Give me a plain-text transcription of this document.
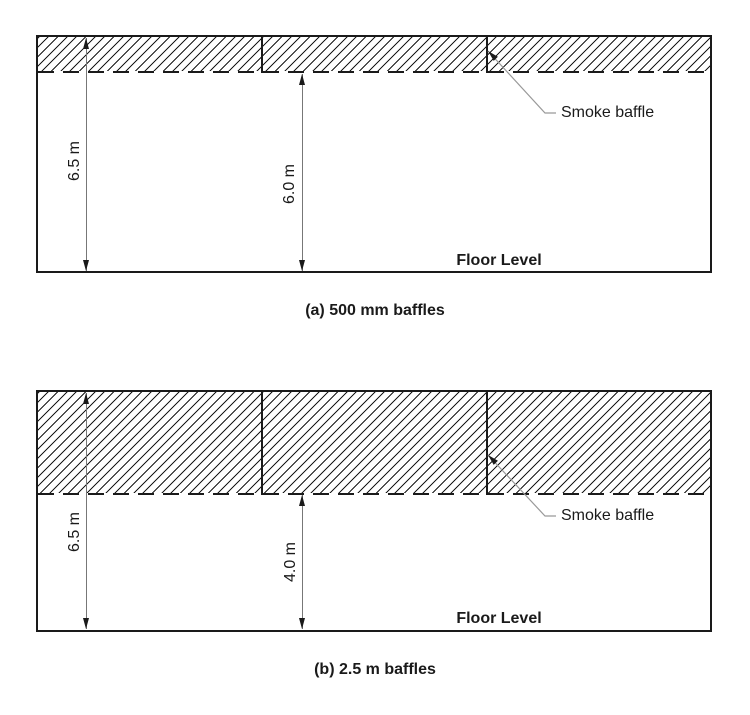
6.5 m
6.0 m
Smoke baffle
Floor Level
(a) 500 mm baffles
6.5 m
4.0 m
Smoke baffle
Floor Level
(b) 2.5 m baffles
